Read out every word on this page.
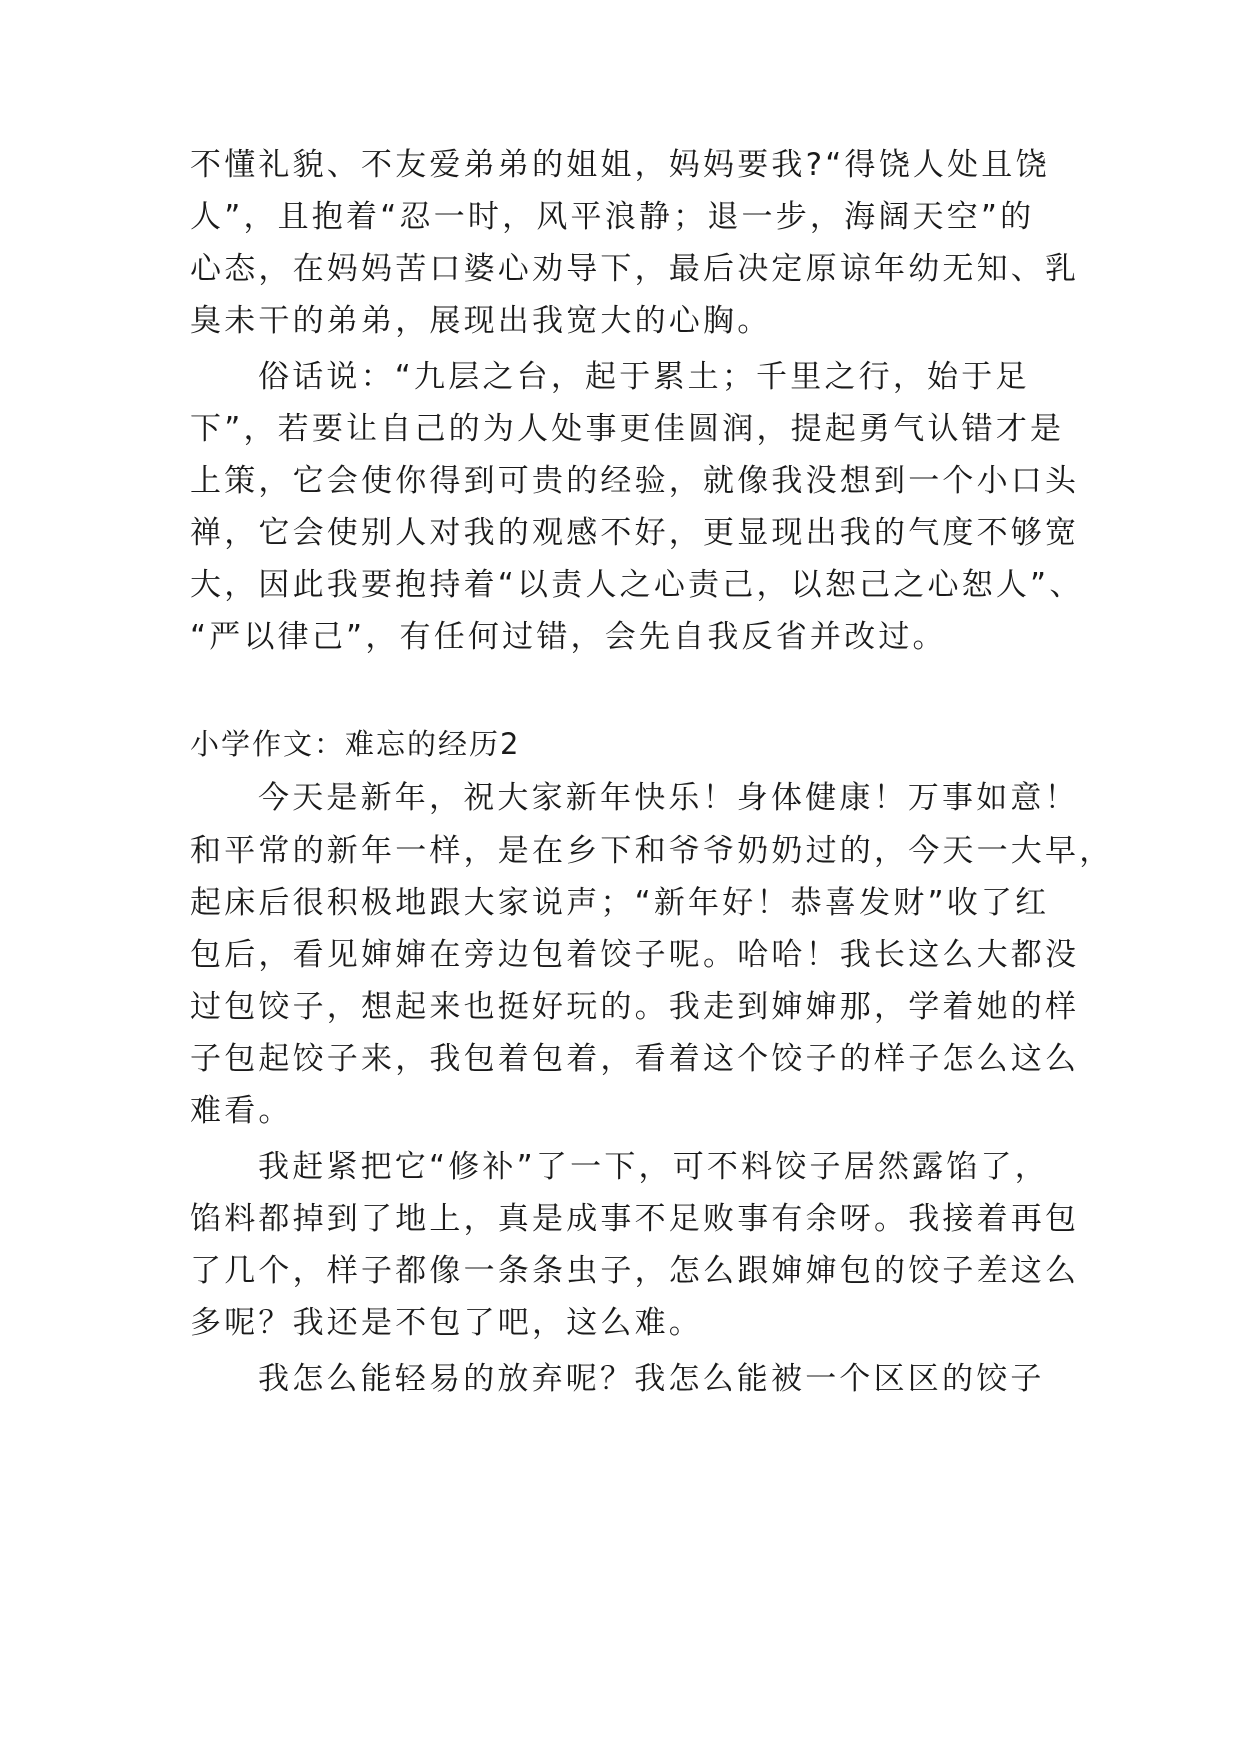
不懂礼貌、不友爱弟弟的姐姐，妈妈要我?“得饶人处且饶

人”，且抱着“忍一时，风平浪静；退一步，海阔天空”的

心态，在妈妈苦口婆心劝导下，最后决定原谅年幼无知、乳

臭未干的弟弟，展现出我宽大的心胸。

俗话说：“九层之台，起于累土；千里之行，始于足

下”，若要让自己的为人处事更佳圆润，提起勇气认错才是

上策，它会使你得到可贵的经验，就像我没想到一个小口头

禅，它会使别人对我的观感不好，更显现出我的气度不够宽

大，因此我要抱持着“以责人之心责己，以恕己之心恕人”、

“严以律己”，有任何过错，会先自我反省并改过。

小学作文：难忘的经历2

今天是新年，祝大家新年快乐！身体健康！万事如意！

和平常的新年一样，是在乡下和爷爷奶奶过的，今天一大早，

起床后很积极地跟大家说声；“新年好！恭喜发财”收了红

包后，看见婶婶在旁边包着饺子呢。哈哈！我长这么大都没

过包饺子，想起来也挺好玩的。我走到婶婶那，学着她的样

子包起饺子来，我包着包着，看着这个饺子的样子怎么这么

难看。

我赶紧把它“修补”了一下，可不料饺子居然露馅了，

馅料都掉到了地上，真是成事不足败事有余呀。我接着再包

了几个，样子都像一条条虫子，怎么跟婶婶包的饺子差这么

多呢？我还是不包了吧，这么难。

我怎么能轻易的放弃呢？我怎么能被一个区区的饺子
